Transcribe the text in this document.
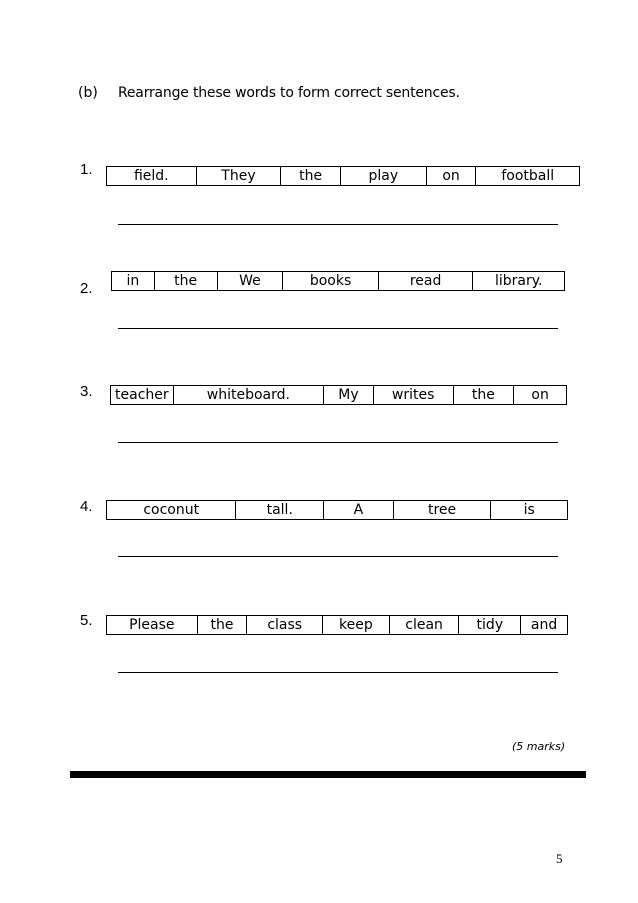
(b) Rearrange these words to form correct sentences.
1.	field.	They	the	play	on	football
2.	in	the	We	books	read	library.
3. teacher	whiteboard.	My	writes	the	on
4.	coconut	tall.	A	tree	is
5.	Please	the	class	keep	clean	tidy	and
(5 marks)
5
